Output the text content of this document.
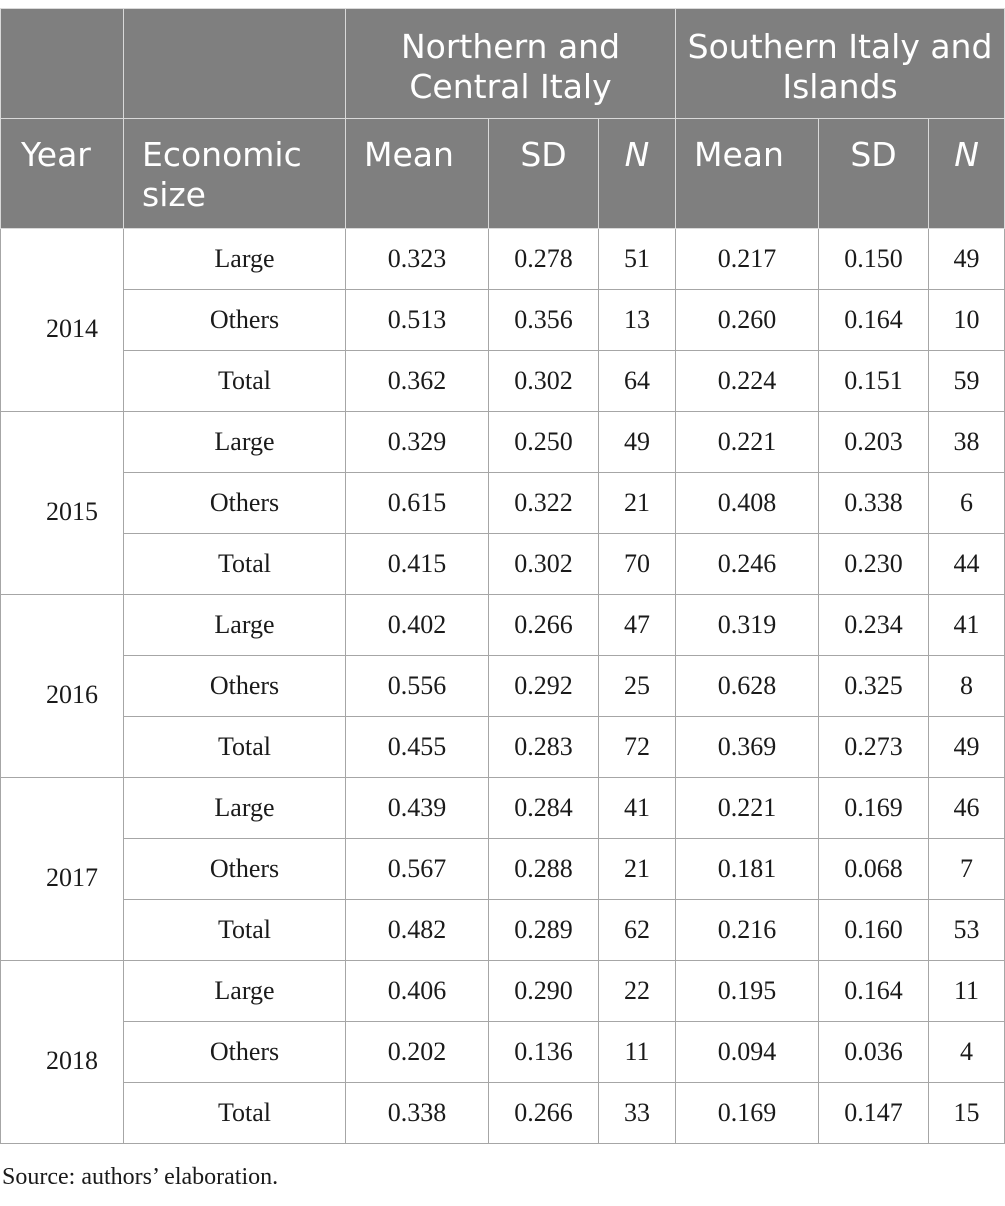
		Northern and Central Italy			Southern Italy and Islands		
Year	Economic size	Mean	SD	N	Mean	SD	N
2014	Large	0.323	0.278	51	0.217	0.150	49
	Others	0.513	0.356	13	0.260	0.164	10
	Total	0.362	0.302	64	0.224	0.151	59
2015	Large	0.329	0.250	49	0.221	0.203	38
	Others	0.615	0.322	21	0.408	0.338	6
	Total	0.415	0.302	70	0.246	0.230	44
2016	Large	0.402	0.266	47	0.319	0.234	41
	Others	0.556	0.292	25	0.628	0.325	8
	Total	0.455	0.283	72	0.369	0.273	49
2017	Large	0.439	0.284	41	0.221	0.169	46
	Others	0.567	0.288	21	0.181	0.068	7
	Total	0.482	0.289	62	0.216	0.160	53
2018	Large	0.406	0.290	22	0.195	0.164	11
	Others	0.202	0.136	11	0.094	0.036	4
	Total	0.338	0.266	33	0.169	0.147	15
Source: authors’ elaboration.
